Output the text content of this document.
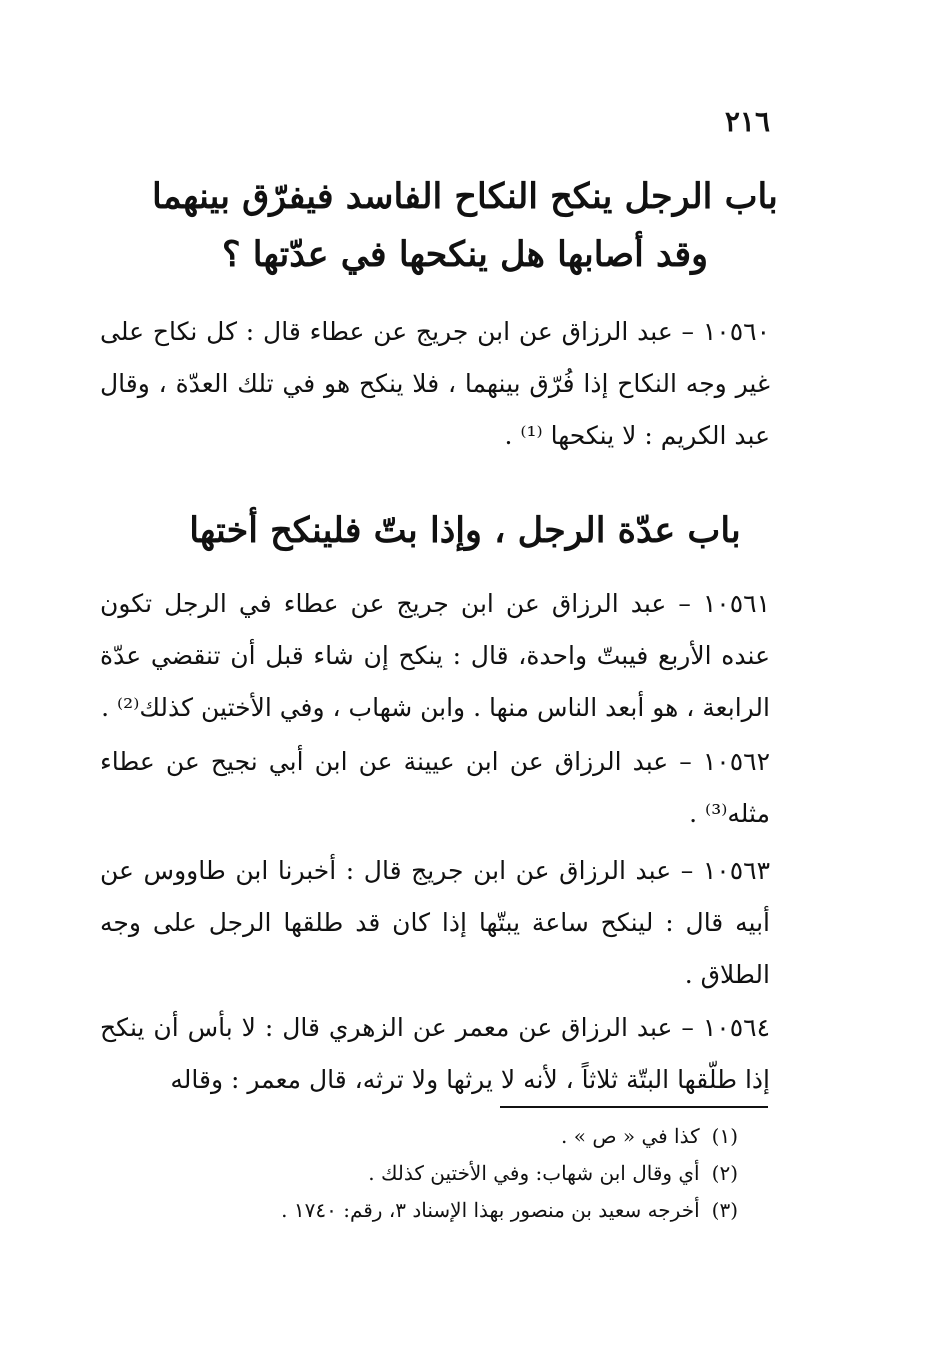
٢١٦
باب الرجل ينكح النكاح الفاسد فيفرّق بينهما وقد أصابها هل ينكحها في عدّتها ؟
١٠٥٦٠ – عبد الرزاق عن ابن جريج عن عطاء قال : كل نكاح على غير وجه النكاح إذا فُرّق بينهما ، فلا ينكح هو في تلك العدّة ، وقال عبد الكريم : لا ينكحها ⁽¹⁾ .
باب عدّة الرجل ، وإذا بتّ فلينكح أختها
١٠٥٦١ – عبد الرزاق عن ابن جريج عن عطاء في الرجل تكون عنده الأربع فيبتّ واحدة، قال : ينكح إن شاء قبل أن تنقضي عدّة الرابعة ، هو أبعد الناس منها . وابن شهاب ، وفي الأختين كذلك⁽²⁾ .
١٠٥٦٢ – عبد الرزاق عن ابن عيينة عن ابن أبي نجيح عن عطاء مثله⁽³⁾ .
١٠٥٦٣ – عبد الرزاق عن ابن جريج قال : أخبرنا ابن طاووس عن أبيه قال : لينكح ساعة يبتّها إذا كان قد طلقها الرجل على وجه الطلاق .
١٠٥٦٤ – عبد الرزاق عن معمر عن الزهري قال : لا بأس أن ينكح إذا طلّقها البتّة ثلاثاً ، لأنه لا يرثها ولا ترثه، قال معمر : وقاله
(١)كذا في « ص » .
(٢)أي وقال ابن شهاب: وفي الأختين كذلك .
(٣)أخرجه سعيد بن منصور بهذا الإسناد ٣، رقم: ١٧٤٠ .
